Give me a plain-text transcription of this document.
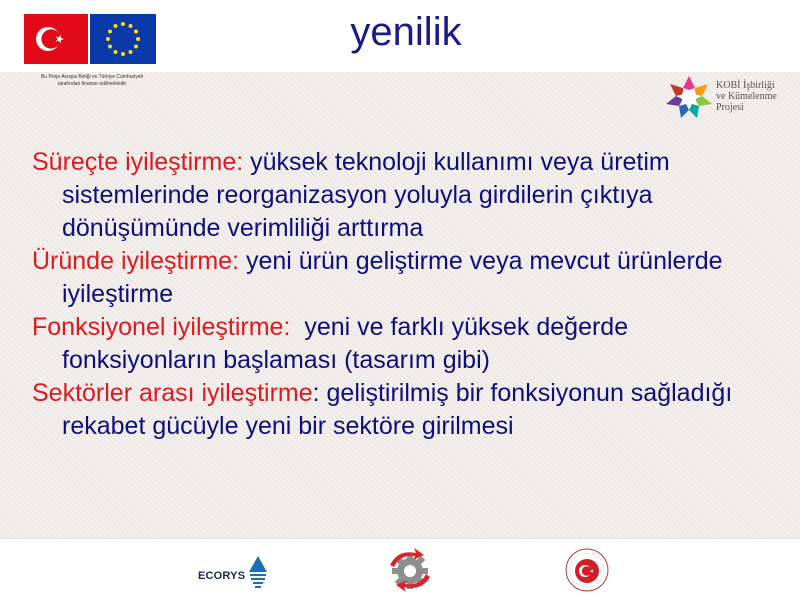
Bu Proje Avrupa Birliği ve Türkiye Cumhuriyeti
tarafından finanse edilmektedir
yenilik
KOBİ İşbirliği
ve Kümelenme
Projesi

Süreçte iyileştirme: yüksek teknoloji kullanımı veya üretim sistemlerinde reorganizasyon yoluyla girdilerin çıktıya dönüşümünde verimliliği arttırma

Üründe iyileştirme: yeni ürün geliştirme veya mevcut ürünlerde iyileştirme

Fonksiyonel iyileştirme: yeni ve farklı yüksek değerde fonksiyonların başlaması (tasarım gibi)

Sektörler arası iyileştirme: geliştirilmiş bir fonksiyonun sağladığı rekabet gücüyle yeni bir sektöre girilmesi

ECORYS
